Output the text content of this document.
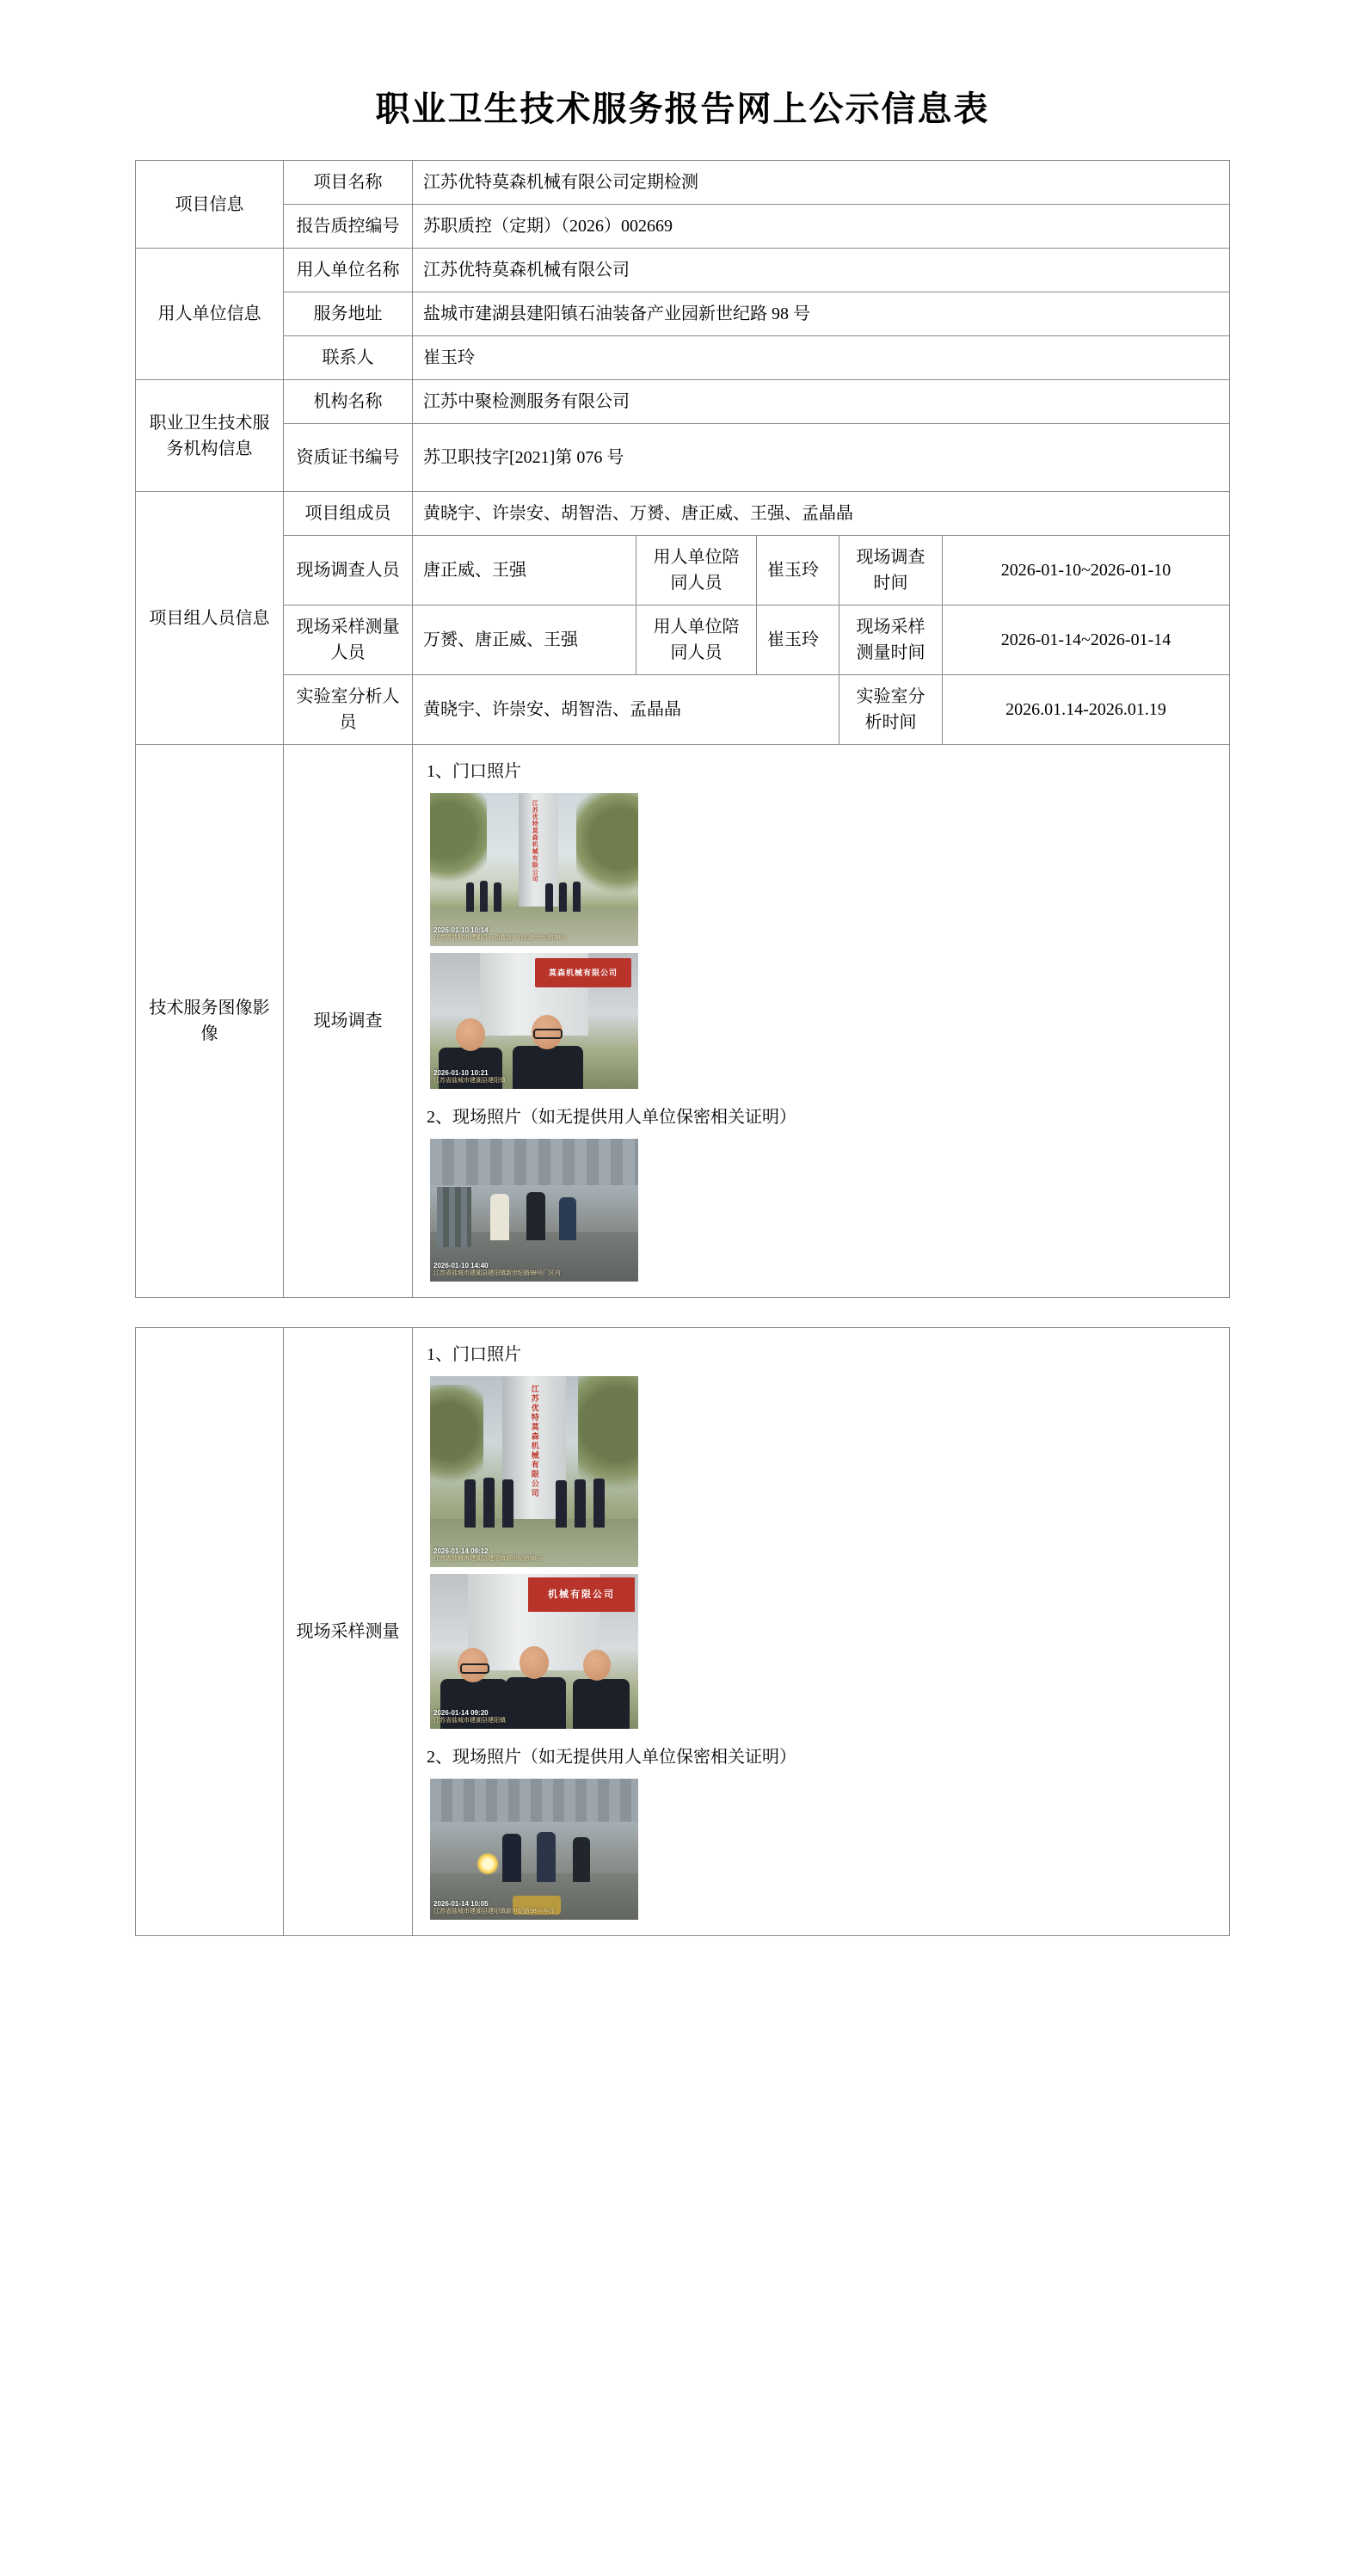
职业卫生技术服务报告网上公示信息表
项目信息	项目名称	江苏优特莫森机械有限公司定期检测				
	报告质控编号	苏职质控（定期）（2026）002669				
用人单位信息	用人单位名称	江苏优特莫森机械有限公司				
	服务地址	盐城市建湖县建阳镇石油装备产业园新世纪路 98 号				
	联系人	崔玉玲				
职业卫生技术服务机构信息	机构名称	江苏中聚检测服务有限公司				
	资质证书编号	苏卫职技字[2021]第 076 号				
项目组人员信息	项目组成员	黄晓宇、许崇安、胡智浩、万赟、唐正威、王强、孟晶晶				
	现场调查人员	唐正威、王强	用人单位陪同人员	崔玉玲	现场调查时间	2026-01-10~2026-01-10
	现场采样测量人员	万赟、唐正威、王强	用人单位陪同人员	崔玉玲	现场采样测量时间	2026-01-14~2026-01-14
	实验室分析人员	黄晓宇、许崇安、胡智浩、孟晶晶			实验室分析时间	2026.01.14-2026.01.19
技术服务图像影像	现场调查	
1、门口照片
江苏优特莫森机械有限公司
2026-01-10 10:14
江苏省盐城市建湖县石油装备产业园新世纪路98号
莫森机械有限公司
2026-01-10 10:21
江苏省盐城市建湖县建阳镇
2、现场照片（如无提供用人单位保密相关证明）
2026-01-10 14:40
江苏省盐城市建湖县建阳镇新世纪路98号厂区内
	现场采样测量	
1、门口照片
江苏优特莫森机械有限公司
2026-01-14 09:12
江苏省盐城市建湖县建阳镇新世纪路98号
机械有限公司
2026-01-14 09:20
江苏省盐城市建湖县建阳镇
2、现场照片（如无提供用人单位保密相关证明）
2026-01-14 10:05
江苏省盐城市建湖县建阳镇新世纪路98号车间
